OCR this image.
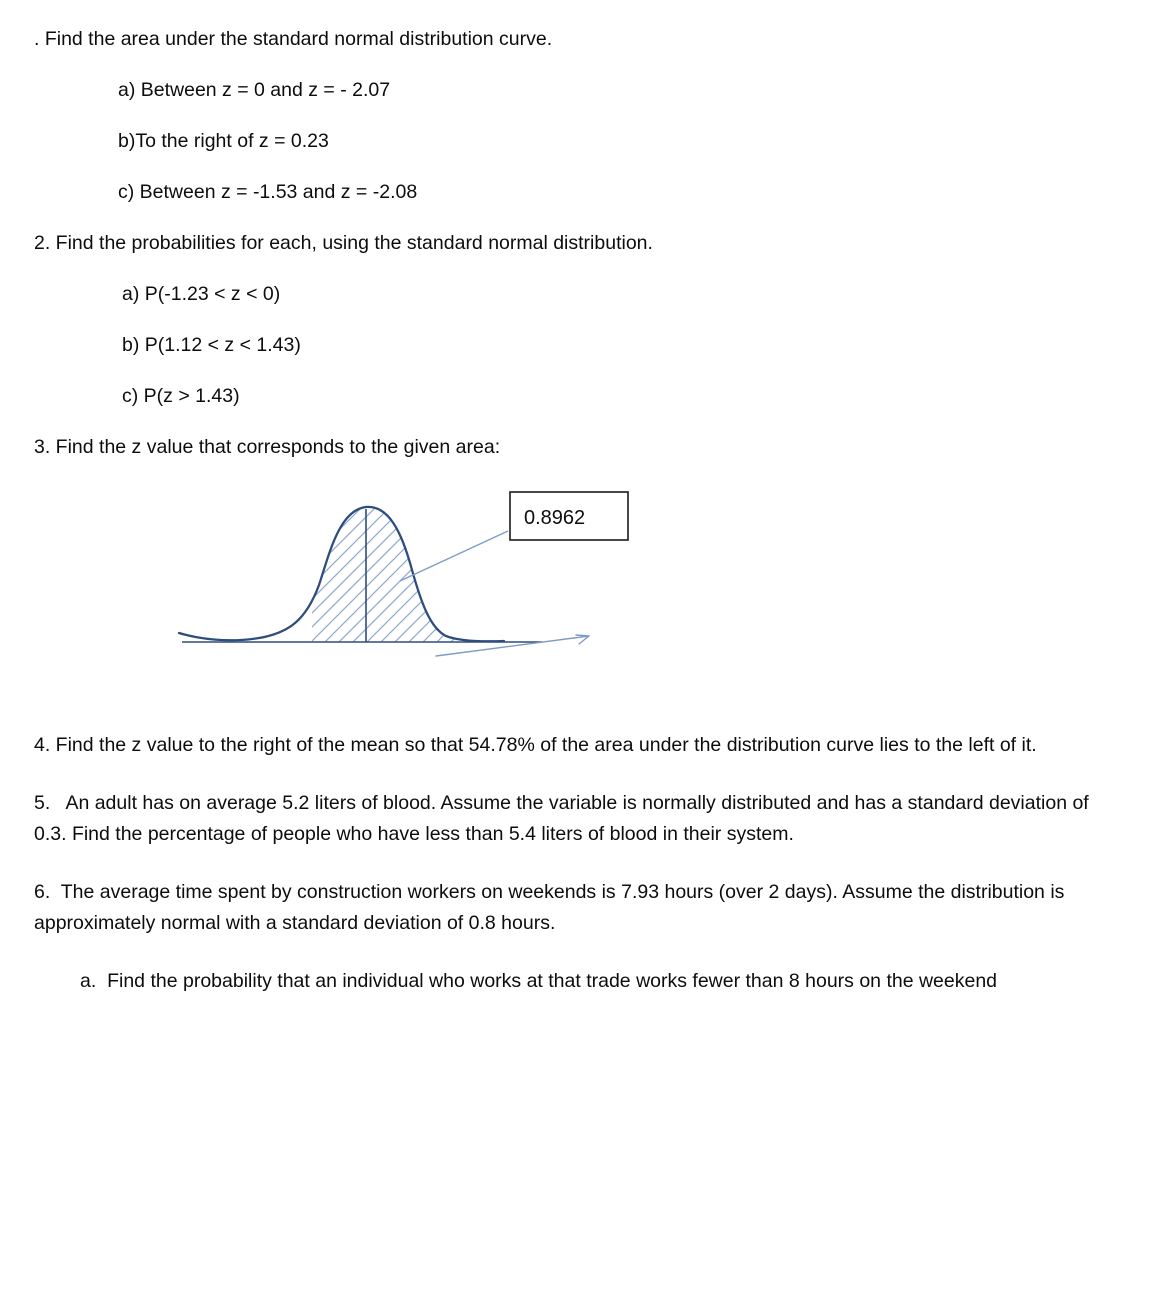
. Find the area under the standard normal distribution curve.

a) Between z = 0 and z = - 2.07

b)To the right of z = 0.23

c) Between z = -1.53 and z = -2.08

2. Find the probabilities for each, using the standard normal distribution.

a) P(-1.23 < z < 0)

b) P(1.12 < z < 1.43)

c) P(z > 1.43)

3. Find the z value that corresponds to the given area:

0.8962

4. Find the z value to the right of the mean so that 54.78% of the area under the distribution curve lies to the left of it.

5.   An adult has on average 5.2 liters of blood. Assume the variable is normally distributed and has a standard deviation of 0.3. Find the percentage of people who have less than 5.4 liters of blood in their system.

6.  The average time spent by construction workers on weekends is 7.93 hours (over 2 days). Assume the distribution is approximately normal with a standard deviation of 0.8 hours.

a.  Find the probability that an individual who works at that trade works fewer than 8 hours on the weekend
